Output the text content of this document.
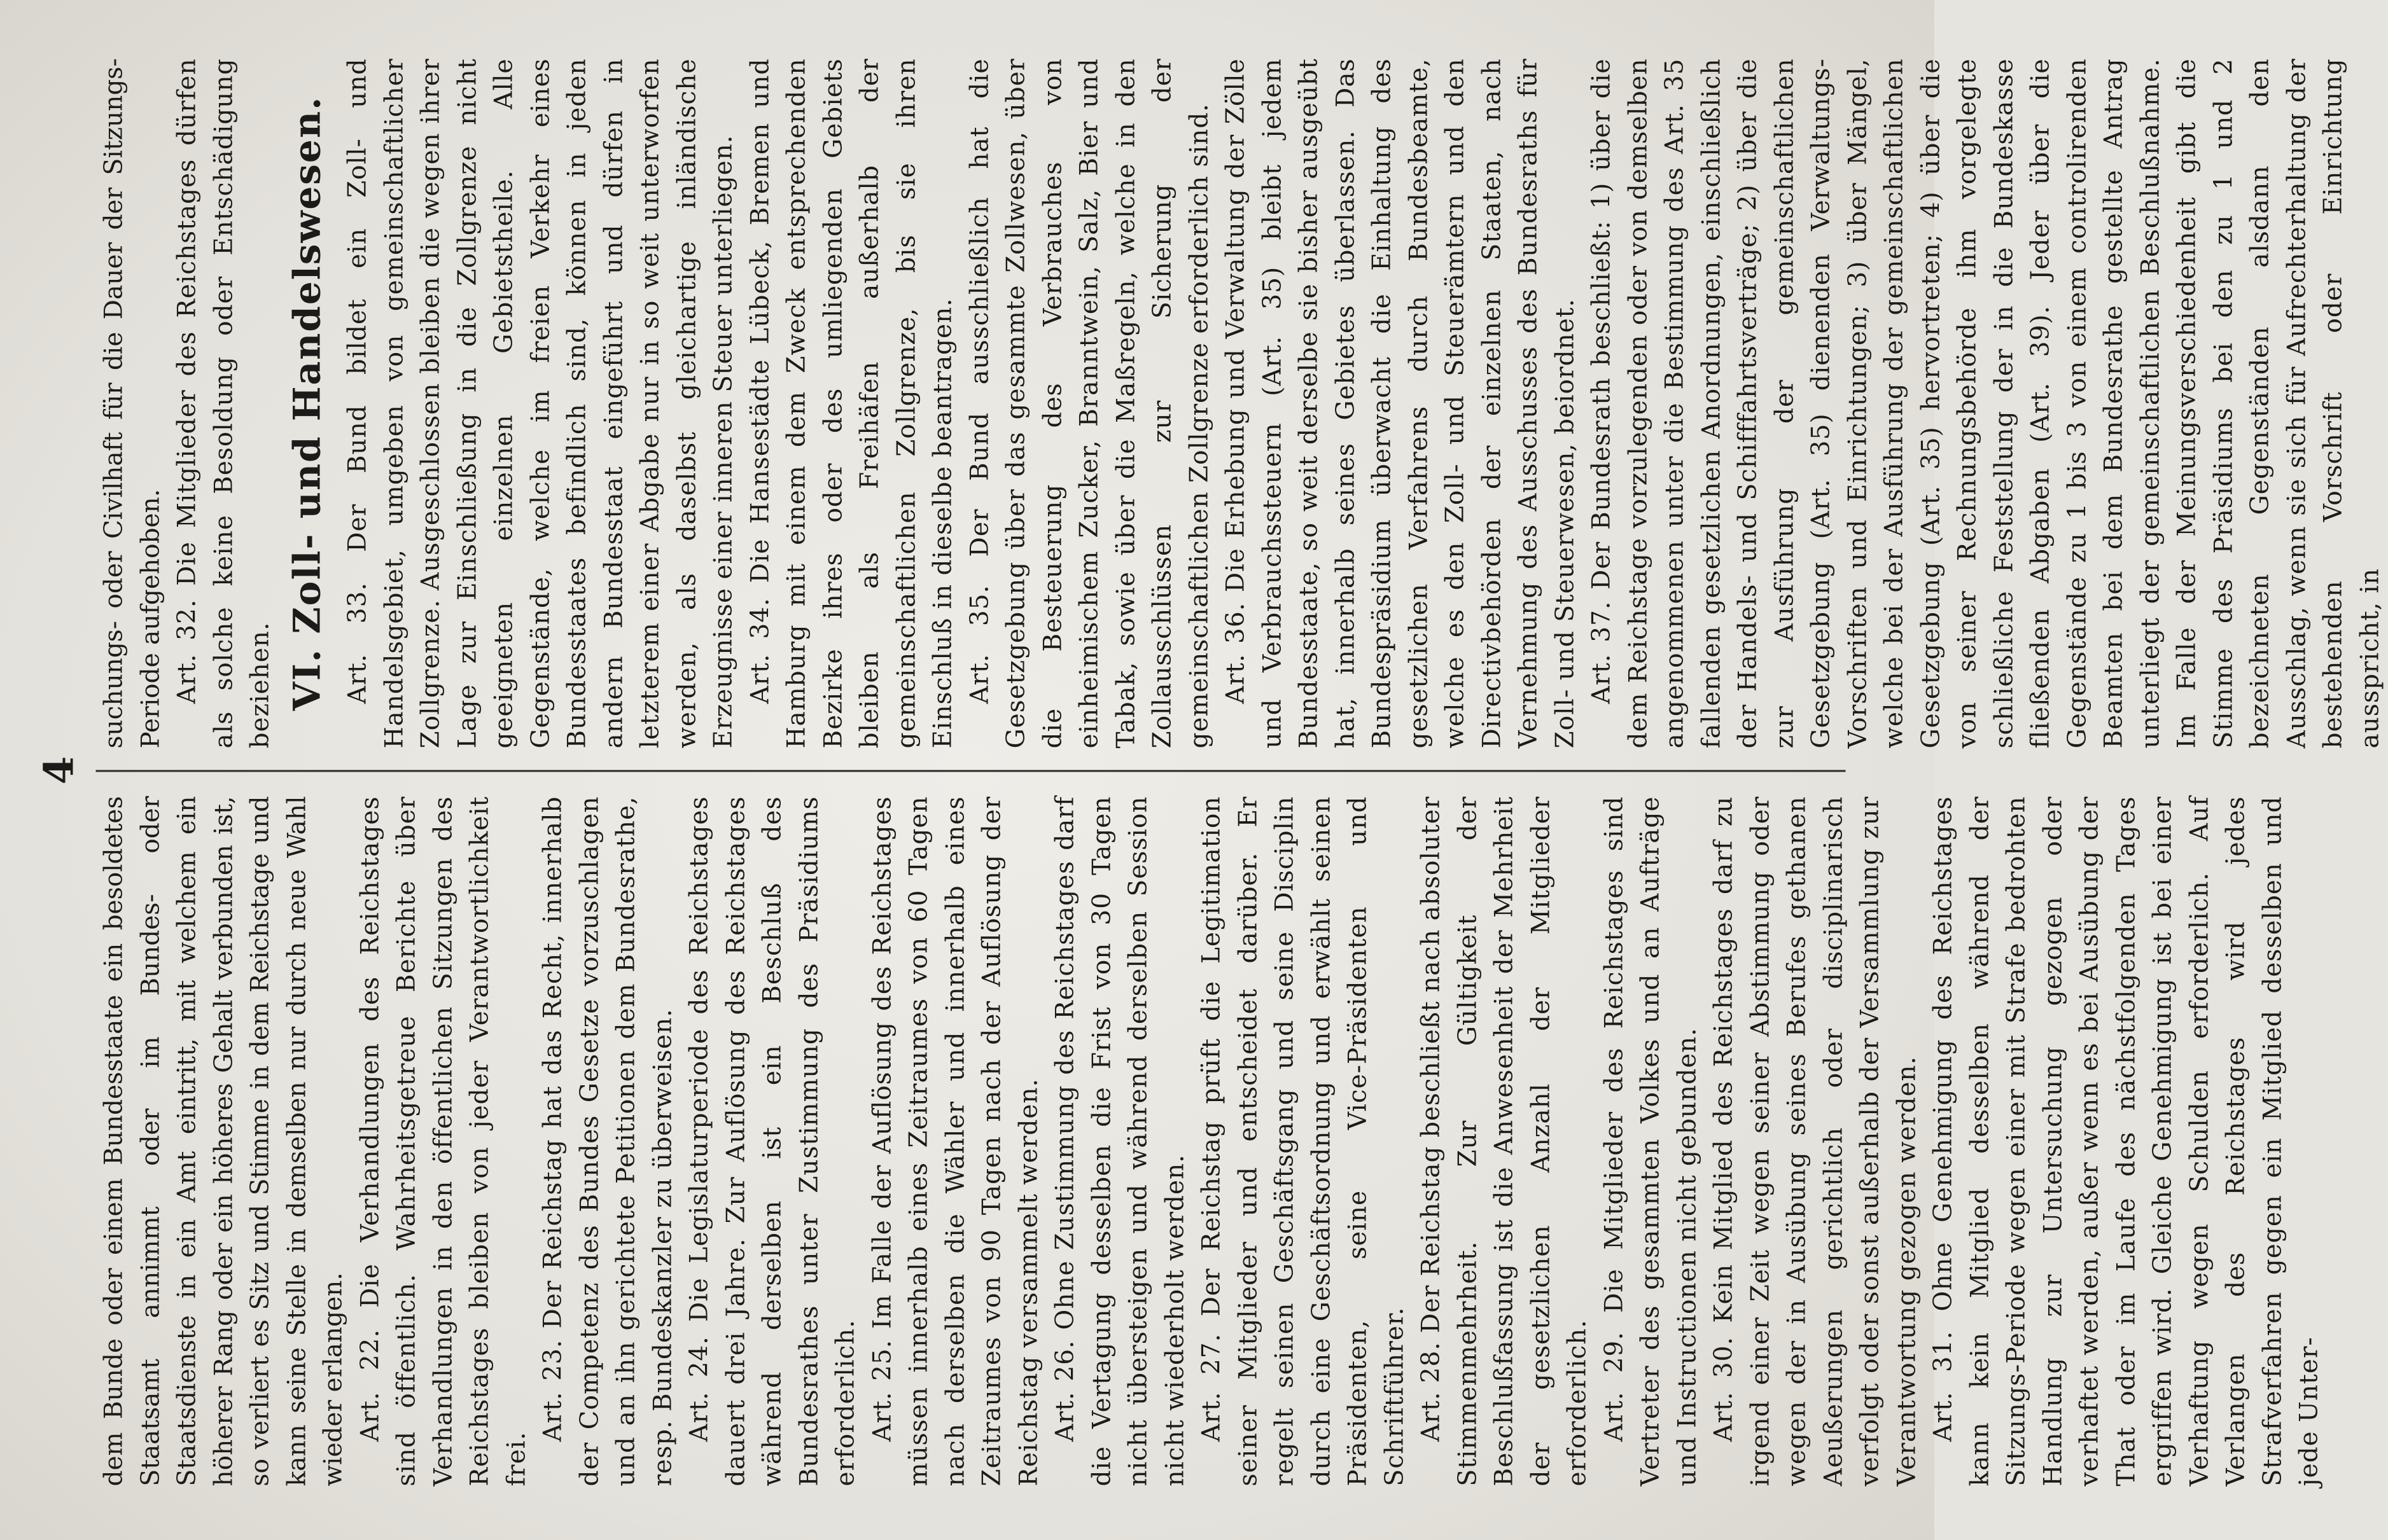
4

dem Bunde oder einem Bundesstaate ein besoldetes Staatsamt annimmt oder im Bundes- oder Staatsdienste in ein Amt eintritt, mit welchem ein höherer Rang oder ein höheres Gehalt verbunden ist, so verliert es Sitz und Stimme in dem Reichstage und kann seine Stelle in demselben nur durch neue Wahl wieder erlangen. Art. 22. Die Verhandlungen des Reichstages sind öffentlich. Wahrheitsgetreue Berichte über Verhandlungen in den öffentlichen Sitzungen des Reichstages bleiben von jeder Verantwortlichkeit frei.

Art. 23. Der Reichstag hat das Recht, innerhalb der Competenz des Bundes Gesetze vorzuschlagen und an ihn gerichtete Petitionen dem Bundesrathe, resp. Bundeskanzler zu überweisen. Art. 24. Die Legislaturperiode des Reichstages dauert drei Jahre. Zur Auflösung des Reichstages während derselben ist ein Beschluß des Bundesrathes unter Zustimmung des Präsidiums erforderlich. Art. 25. Im Falle der Auflösung des Reichstages müssen innerhalb eines Zeitraumes von 60 Tagen nach derselben die Wähler und innerhalb eines Zeitraumes von 90 Tagen nach der Auflösung der Reichstag versammelt werden. Art. 26. Ohne Zustimmung des Reichstages darf die Vertagung desselben die Frist von 30 Tagen nicht übersteigen und während derselben Session nicht wiederholt werden. Art. 27. Der Reichstag prüft die Legitimation seiner Mitglieder und entscheidet darüber. Er regelt seinen Geschäftsgang und seine Disciplin durch eine Geschäftsordnung und erwählt seinen Präsidenten, seine Vice-Präsidenten und Schriftführer. Art. 28. Der Reichstag beschließt nach absoluter Stimmenmehrheit. Zur Gültigkeit der Beschlußfassung ist die Anwesenheit der Mehrheit der gesetzlichen Anzahl der Mitglieder erforderlich. Art. 29. Die Mitglieder des Reichstages sind Vertreter des gesammten Volkes und an Aufträge und Instructionen nicht gebunden. Art. 30. Kein Mitglied des Reichstages darf zu irgend einer Zeit wegen seiner Abstimmung oder wegen der in Ausübung seines Berufes gethanen Aeußerungen gerichtlich oder disciplinarisch verfolgt oder sonst außerhalb der Versammlung zur Verantwortung gezogen werden. Art. 31. Ohne Genehmigung des Reichstages kann kein Mitglied desselben während der Sitzungs-Periode wegen einer mit Strafe bedrohten Handlung zur Untersuchung gezogen oder verhaftet werden, außer wenn es bei Ausübung der That oder im Laufe des nächstfolgenden Tages ergriffen wird. Gleiche Genehmigung ist bei einer Verhaftung wegen Schulden erforderlich. Auf Verlangen des Reichstages wird jedes Strafverfahren gegen ein Mitglied desselben und jede Unter-

suchungs- oder Civilhaft für die Dauer der Sitzungs-Periode aufgehoben. Art. 32. Die Mitglieder des Reichstages dürfen als solche keine Besoldung oder Entschädigung beziehen. VI. Zoll- und Handelswesen. Art. 33. Der Bund bildet ein Zoll- und Handelsgebiet, umgeben von gemeinschaftlicher Zollgrenze. Ausgeschlossen bleiben die wegen ihrer Lage zur Einschließung in die Zollgrenze nicht geeigneten einzelnen Gebietstheile. Alle Gegenstände, welche im freien Verkehr eines Bundesstaates befindlich sind, können in jeden andern Bundesstaat eingeführt und dürfen in letzterem einer Abgabe nur in so weit unterworfen werden, als daselbst gleichartige inländische Erzeugnisse einer inneren Steuer unterliegen. Art. 34. Die Hansestädte Lübeck, Bremen und Hamburg mit einem dem Zweck entsprechenden Bezirke ihres oder des umliegenden Gebiets bleiben als Freihäfen außerhalb der gemeinschaftlichen Zollgrenze, bis sie ihren Einschluß in dieselbe beantragen. Art. 35. Der Bund ausschließlich hat die Gesetzgebung über das gesammte Zollwesen, über die Besteuerung des Verbrauches von einheimischem Zucker, Branntwein, Salz, Bier und Tabak, sowie über die Maßregeln, welche in den Zollausschlüssen zur Sicherung der gemeinschaftlichen Zollgrenze erforderlich sind. Art. 36. Die Erhebung und Verwaltung der Zölle und Verbrauchssteuern (Art. 35) bleibt jedem Bundesstaate, so weit derselbe sie bisher ausgeübt hat, innerhalb seines Gebietes überlassen. Das Bundespräsidium überwacht die Einhaltung des gesetzlichen Verfahrens durch Bundesbeamte, welche es den Zoll- und Steuerämtern und den Directivbehörden der einzelnen Staaten, nach Vernehmung des Ausschusses des Bundesraths für Zoll- und Steuerwesen, beiordnet. Art. 37. Der Bundesrath beschließt: 1) über die dem Reichstage vorzulegenden oder von demselben angenommenen unter die Bestimmung des Art. 35 fallenden gesetzlichen Anordnungen, einschließlich der Handels- und Schifffahrtsverträge; 2) über die zur Ausführung der gemeinschaftlichen Gesetzgebung (Art. 35) dienenden Verwaltungs-Vorschriften und Einrichtungen; 3) über Mängel, welche bei der Ausführung der gemeinschaftlichen Gesetzgebung (Art. 35) hervortreten; 4) über die von seiner Rechnungsbehörde ihm vorgelegte schließliche Feststellung der in die Bundeskasse fließenden Abgaben (Art. 39). Jeder über die Gegenstände zu 1 bis 3 von einem controlirenden Beamten bei dem Bundesrathe gestellte Antrag unterliegt der gemeinschaftlichen Beschlußnahme. Im Falle der Meinungsverschiedenheit gibt die Stimme des Präsidiums bei den zu 1 und 2 bezeichneten Gegenständen alsdann den Ausschlag, wenn sie sich für Aufrechterhaltung der bestehenden Vorschrift oder Einrichtung ausspricht, in
